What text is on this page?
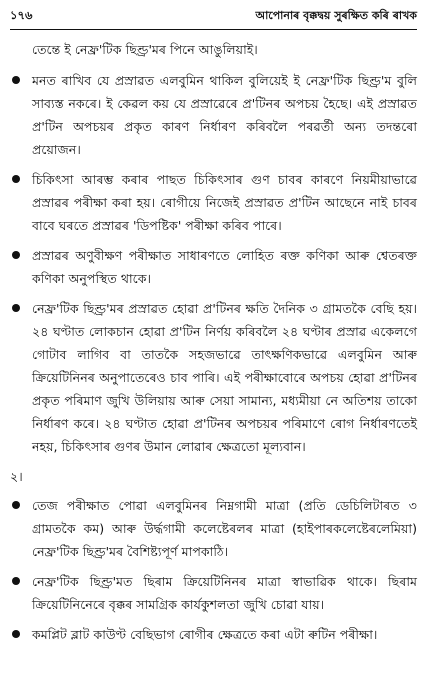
১৭৬	আপোনাৰ বৃক্কদ্বয় সুৰক্ষিত কৰি ৰাখক

তেন্তে ই নেফ্ৰ'টিক ছিণ্ড্ৰ'মৰ পিনে আঙুলিয়াই।

মনত ৰাখিব যে প্ৰস্ৰাৱত এলবুমিন থাকিল বুলিয়েই ই নেফ্ৰ'টিক ছিণ্ড্ৰ'ম বুলি সাব্যস্ত নকৰে। ই কেৱল কয় যে প্ৰস্ৰাৱেৰে প্ৰ'টিনৰ অপচয় হৈছে। এই প্ৰস্ৰাৱত প্ৰ'টিন অপচয়ৰ প্ৰকৃত কাৰণ নিৰ্ধাৰণ কৰিবলৈ পৰৱৰ্তী অন্য তদন্তৰো প্ৰয়োজন।
চিকিৎসা আৰম্ভ কৰাৰ পাছত চিকিৎসাৰ গুণ চাবৰ কাৰণে নিয়মীয়াভাৱে প্ৰস্ৰাৱৰ পৰীক্ষা কৰা হয়। ৰোগীয়ে নিজেই প্ৰস্ৰাৱত প্ৰ'টিন আছেনে নাই চাবৰ বাবে ঘৰতে প্ৰস্ৰাৱৰ 'ডিপষ্টিক' পৰীক্ষা কৰিব পাৰে।
প্ৰস্ৰাৱৰ অণুবীক্ষণ পৰীক্ষাত সাধাৰণতে লোহিত ৰক্ত কণিকা আৰু শ্বেতৰক্ত কণিকা অনুপস্থিত থাকে।
নেফ্ৰ'টিক ছিণ্ড্ৰ'মৰ প্ৰস্ৰাৱত হোৱা প্ৰ'টিনৰ ক্ষতি দৈনিক ৩ গ্ৰামতকৈ বেছি হয়। ২৪ ঘণ্টাত লোকচান হোৱা প্ৰ'টিন নিৰ্ণয় কৰিবলৈ ২৪ ঘণ্টাৰ প্ৰস্ৰাৱ একেলগে গোটাব লাগিব বা তাতকৈ সহজভাৱে তাৎক্ষণিকভাৱে এলবুমিন আৰু ক্ৰিয়েটিনিনৰ অনুপাতেৰেও চাব পাৰি। এই পৰীক্ষাবোৰে অপচয় হোৱা প্ৰ'টিনৰ প্ৰকৃত পৰিমাণ জুখি উলিয়ায় আৰু সেয়া সামান্য, মধ্যমীয়া নে অতিশয় তাকো নিৰ্ধাৰণ কৰে। ২৪ ঘণ্টাত হোৱা প্ৰ'টিনৰ অপচয়ৰ পৰিমাণে ৰোগ নিৰ্ধাৰণতেই নহয়, চিকিৎসাৰ গুণৰ উমান লোৱাৰ ক্ষেত্ৰতো মূল্যবান।
২।
তেজ পৰীক্ষাত পোৱা এলবুমিনৰ নিম্নগামী মাত্ৰা (প্ৰতি ডেচিলিটাৰত ৩ গ্ৰামতকৈ কম) আৰু উৰ্দ্ধগামী কলেষ্টেৰলৰ মাত্ৰা (হাইপাৰকলেষ্টেৰলেমিয়া) নেফ্ৰ'টিক ছিণ্ড্ৰ'মৰ বৈশিষ্ট্যপূৰ্ণ মাপকাঠি।
নেফ্ৰ'টিক ছিণ্ড্ৰ'মত ছিৰাম ক্ৰিয়েটিনিনৰ মাত্ৰা স্বাভাৱিক থাকে। ছিৰাম ক্ৰিয়েটিনিনেৰে বৃক্কৰ সামগ্ৰিক কাৰ্যকুশলতা জুখি চোৱা যায়।
কমপ্লিট ব্লাট কাউণ্ট বেছিভাগ ৰোগীৰ ক্ষেত্ৰতে কৰা এটা ৰুটিন পৰীক্ষা।
